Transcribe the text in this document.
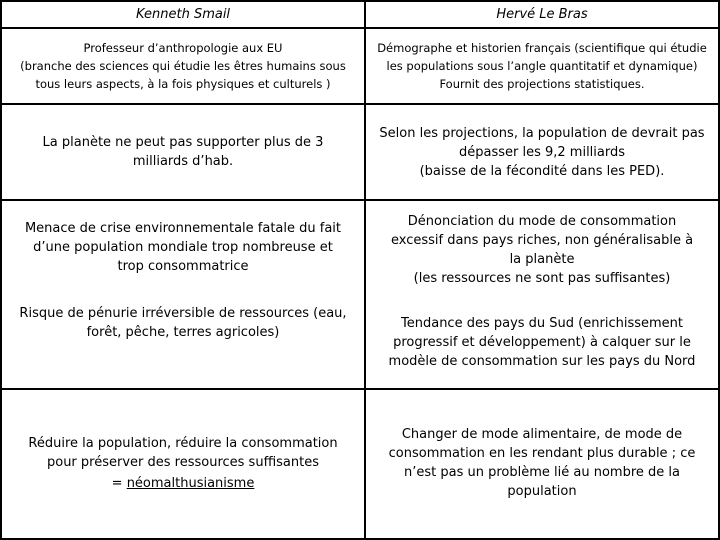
Kenneth Smail	Hervé Le Bras
Professeur d’anthropologie aux EU
(branche des sciences qui étudie les êtres humains sous
tous leurs aspects, à la fois physiques et culturels )
Démographe et historien français (scientifique qui étudie
les populations sous l’angle quantitatif et dynamique)
Fournit des projections statistiques.
La planète ne peut pas supporter plus de 3
milliards d’hab.
Selon les projections, la population de devrait pas
dépasser les 9,2 milliards
(baisse de la fécondité dans les PED).
Menace de crise environnementale fatale du fait
d’une population mondiale trop nombreuse et
trop consommatrice
Dénonciation du mode de consommation
excessif dans pays riches, non généralisable à
la planète
(les ressources ne sont pas suffisantes)
Risque de pénurie irréversible de ressources (eau,
forêt, pêche, terres agricoles)
Tendance des pays du Sud (enrichissement
progressif et développement) à calquer sur le
modèle de consommation sur les pays du Nord
Réduire la population, réduire la consommation
pour préserver des ressources suffisantes
= néomalthusianisme
Changer de mode alimentaire, de mode de
consommation en les rendant plus durable ; ce
n’est pas un problème lié au nombre de la
population
